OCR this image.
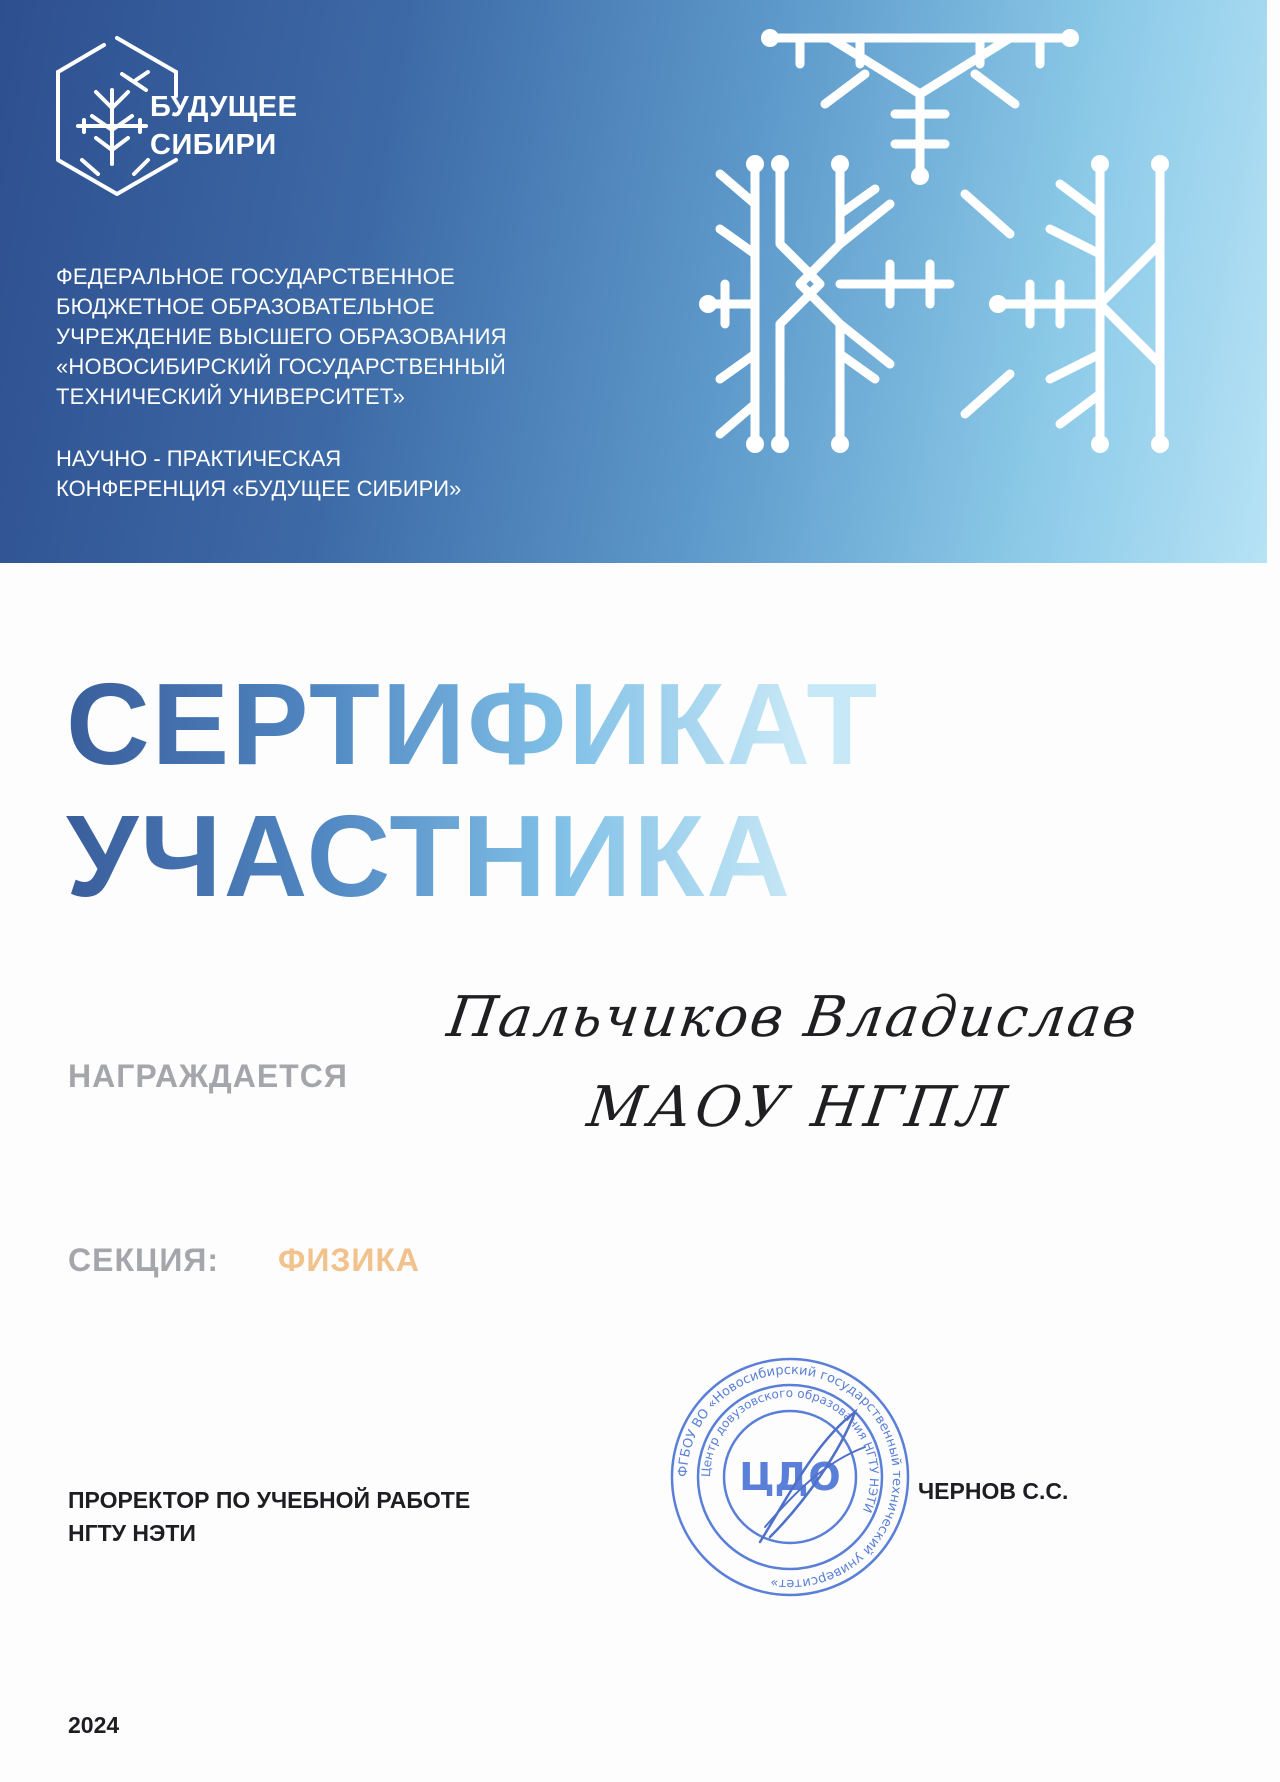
БУДУЩЕЕ
СИБИРИ
ФЕДЕРАЛЬНОЕ ГОСУДАРСТВЕННОЕ
БЮДЖЕТНОЕ ОБРАЗОВАТЕЛЬНОЕ
УЧРЕЖДЕНИЕ ВЫСШЕГО ОБРАЗОВАНИЯ
«НОВОСИБИРСКИЙ ГОСУДАРСТВЕННЫЙ
ТЕХНИЧЕСКИЙ УНИВЕРСИТЕТ»
НАУЧНО - ПРАКТИЧЕСКАЯ
КОНФЕРЕНЦИЯ «БУДУЩЕЕ СИБИРИ»
СЕРТИФИКАТ
УЧАСТНИКА
НАГРАЖДАЕТСЯ
Пальчиков Владислав
МАОУ НГПЛ
СЕКЦИЯ: ФИЗИКА
ПРОРЕКТОР ПО УЧЕБНОЙ РАБОТЕ
НГТУ НЭТИ
ФГБОУ ВО «Новосибирский государственный технический университет»
Центр довузовского образования НГТУ НЭТИ
ЦДО	ЧЕРНОВ С.С.
2024
